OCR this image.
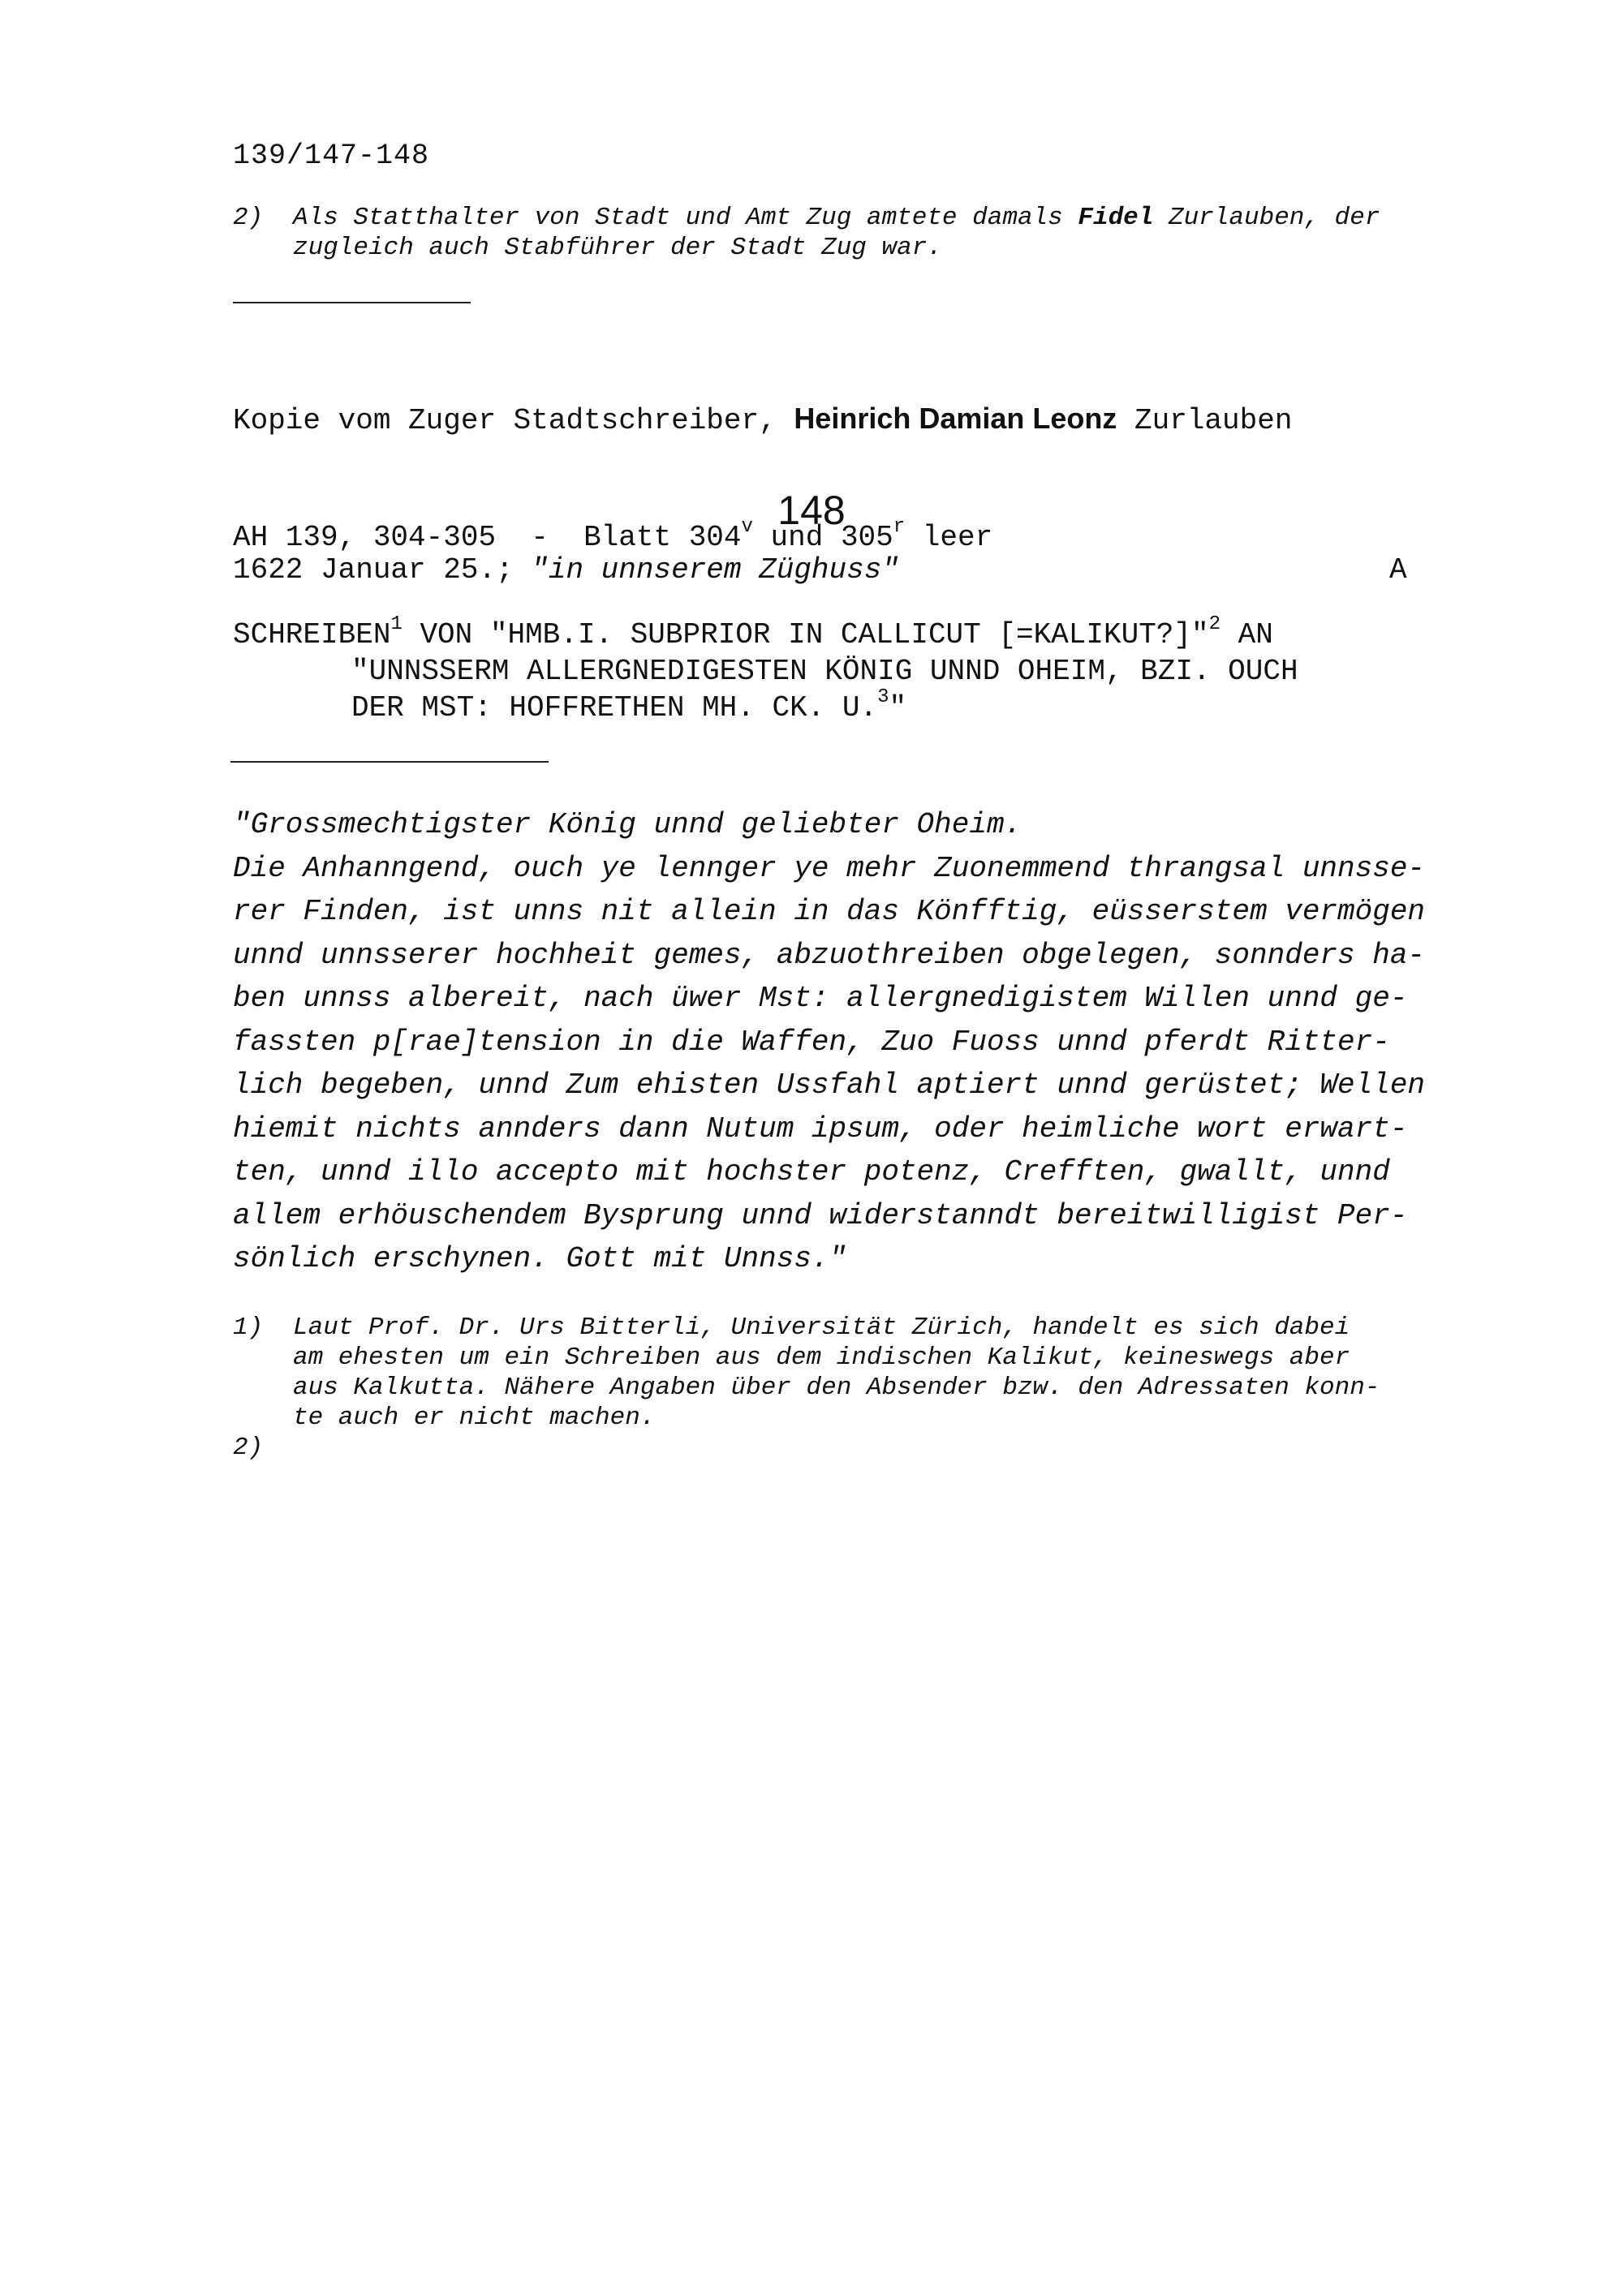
139/147-148
2) Als Statthalter von Stadt und Amt Zug amtete damals Fidel Zurlauben, der
zugleich auch Stabführer der Stadt Zug war.

Kopie vom Zuger Stadtschreiber, Heinrich Damian Leonz Zurlauben

AH 139, 304-305  -  Blatt 304$^v$ und 305$^r$ leer

148
1622 Januar 25.; "in unnserem Züghuss"	A
SCHREIBEN$^1$ VON "HMB.I. SUBPRIOR IN CALLICUT [=KALIKUT?]"$^2$ AN
"UNNSSERM ALLERGNEDIGESTEN KÖNIG UNND OHEIM, BZI. OUCH
DER MST: HOFFRETHEN MH. CK. U.$^3$"
"Grossmechtigster König unnd geliebter Oheim.
Die Anhanngend, ouch ye lennger ye mehr Zuonemmend thrangsal unnsse-
rer Finden, ist unns nit allein in das Könfftig, eüsserstem vermögen
unnd unnsserer hochheit gemes, abzuothreiben obgelegen, sonnders ha-
ben unnss albereit, nach üwer Mst: allergnedigistem Willen unnd ge-
fassten p[rae]tension in die Waffen, Zuo Fuoss unnd pferdt Ritter-
lich begeben, unnd Zum ehisten Ussfahl aptiert unnd gerüstet; Wellen
hiemit nichts annders dann Nutum ipsum, oder heimliche wort erwart-
ten, unnd illo accepto mit hochster potenz, Crefften, gwallt, unnd
allem erhöuschendem Bysprung unnd widerstanndt bereitwilligist Per-
sönlich erschynen. Gott mit Unnss."
1) Laut Prof. Dr. Urs Bitterli, Universität Zürich, handelt es sich dabei
am ehesten um ein Schreiben aus dem indischen Kalikut, keineswegs aber
aus Kalkutta. Nähere Angaben über den Absender bzw. den Adressaten konn-
te auch er nicht machen.
2)
